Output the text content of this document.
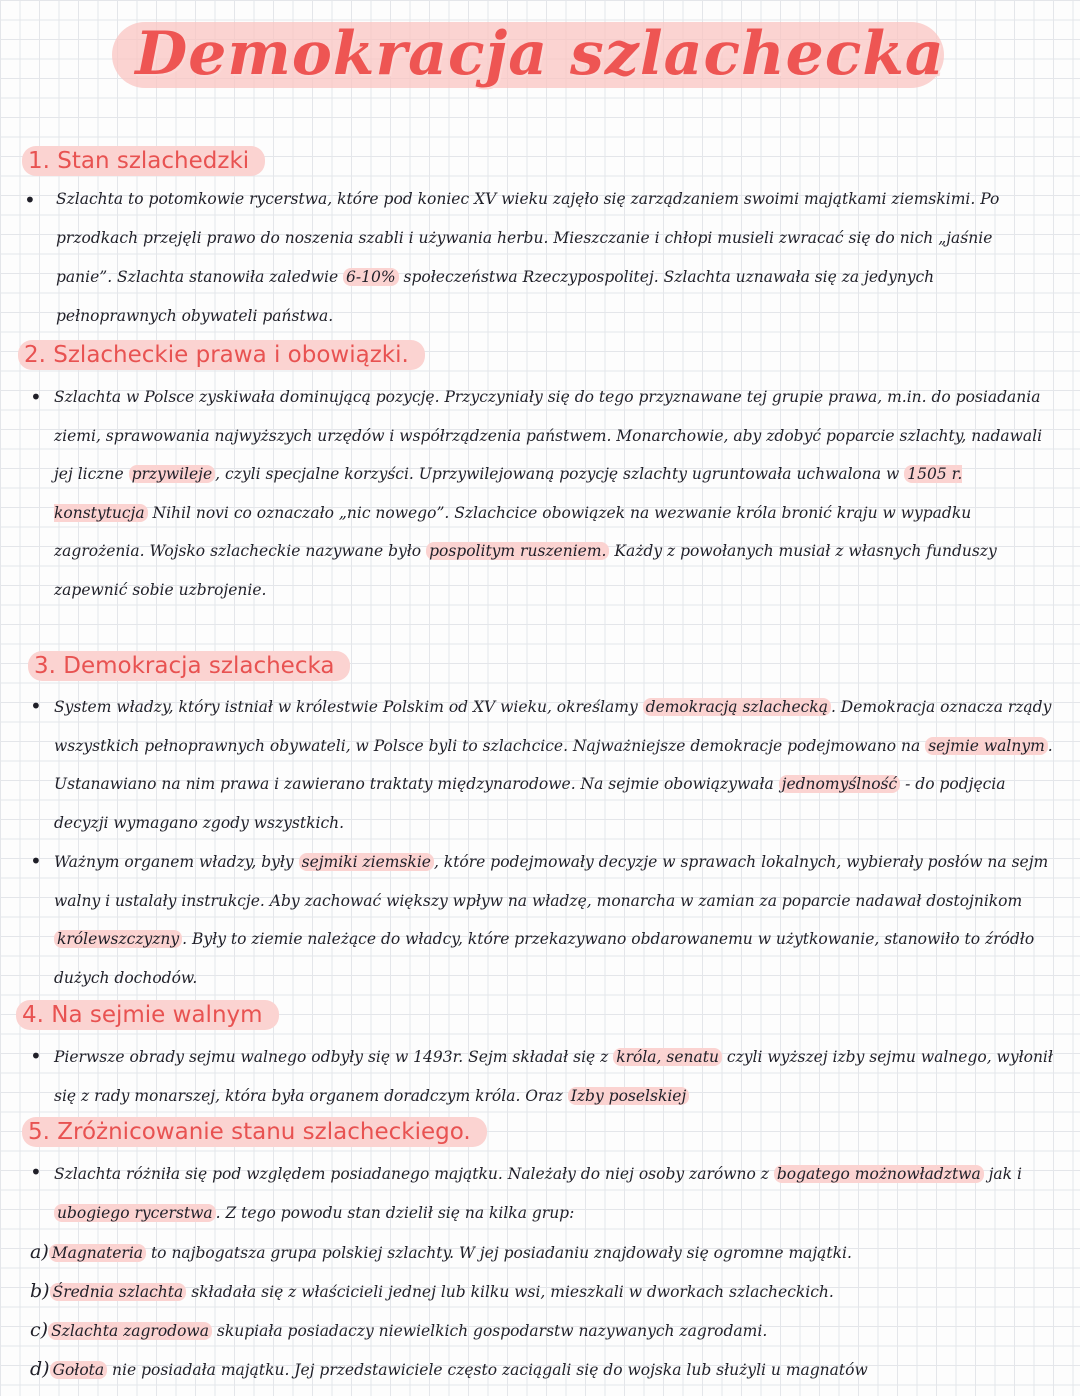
Demokracja szlachecka
1. Stan szlachedzki
• Szlachta to potomkowie rycerstwa, które pod koniec XV wieku zajęło się zarządzaniem swoimi majątkami ziemskimi. Po przodkach przejęli prawo do noszenia szabli i używania herbu. Mieszczanie i chłopi musieli zwracać się do nich „jaśnie panie”. Szlachta stanowiła zaledwie 6-10% społeczeństwa Rzeczypospolitej. Szlachta uznawała się za jedynych pełnoprawnych obywateli państwa.
2. Szlacheckie prawa i obowiązki.
• Szlachta w Polsce zyskiwała dominującą pozycję. Przyczyniały się do tego przyznawane tej grupie prawa, m.in. do posiadania ziemi, sprawowania najwyższych urzędów i współrządzenia państwem. Monarchowie, aby zdobyć poparcie szlachty, nadawali jej liczne przywileje , czyli specjalne korzyści. Uprzywilejowaną pozycję szlachty ugruntowała uchwalona w 1505 r. konstytucja Nihil novi co oznaczało „nic nowego”. Szlachcice obowiązek na wezwanie króla bronić kraju w wypadku zagrożenia. Wojsko szlacheckie nazywane było pospolitym ruszeniem. Każdy z powołanych musiał z własnych funduszy zapewnić sobie uzbrojenie.
3. Demokracja szlachecka
• System władzy, który istniał w królestwie Polskim od XV wieku, określamy demokracją szlachecką . Demokracja oznacza rządy wszystkich pełnoprawnych obywateli, w Polsce byli to szlachcice. Najważniejsze demokracje podejmowano na sejmie walnym . Ustanawiano na nim prawa i zawierano traktaty międzynarodowe. Na sejmie obowiązywała jednomyślność - do podjęcia decyzji wymagano zgody wszystkich.
• Ważnym organem władzy, były sejmiki ziemskie , które podejmowały decyzje w sprawach lokalnych, wybierały posłów na sejm walny i ustalały instrukcje. Aby zachować większy wpływ na władzę, monarcha w zamian za poparcie nadawał dostojnikom królewszczyzny . Były to ziemie należące do władcy, które przekazywano obdarowanemu w użytkowanie, stanowiło to źródło dużych dochodów.
4. Na sejmie walnym
• Pierwsze obrady sejmu walnego odbyły się w 1493r. Sejm składał się z króla, senatu czyli wyższej izby sejmu walnego, wyłonił się z rady monarszej, która była organem doradczym króla. Oraz Izby poselskiej
5. Zróżnicowanie stanu szlacheckiego.
• Szlachta różniła się pod względem posiadanego majątku. Należały do niej osoby zarówno z bogatego możnowładztwa jak i ubogiego rycerstwa . Z tego powodu stan dzielił się na kilka grup:
a) Magnateria to najbogatsza grupa polskiej szlachty. W jej posiadaniu znajdowały się ogromne majątki.
b) Średnia szlachta składała się z właścicieli jednej lub kilku wsi, mieszkali w dworkach szlacheckich.
c) Szlachta zagrodowa skupiała posiadaczy niewielkich gospodarstw nazywanych zagrodami.
d) Gołota nie posiadała majątku. Jej przedstawiciele często zaciągali się do wojska lub służyli u magnatów
